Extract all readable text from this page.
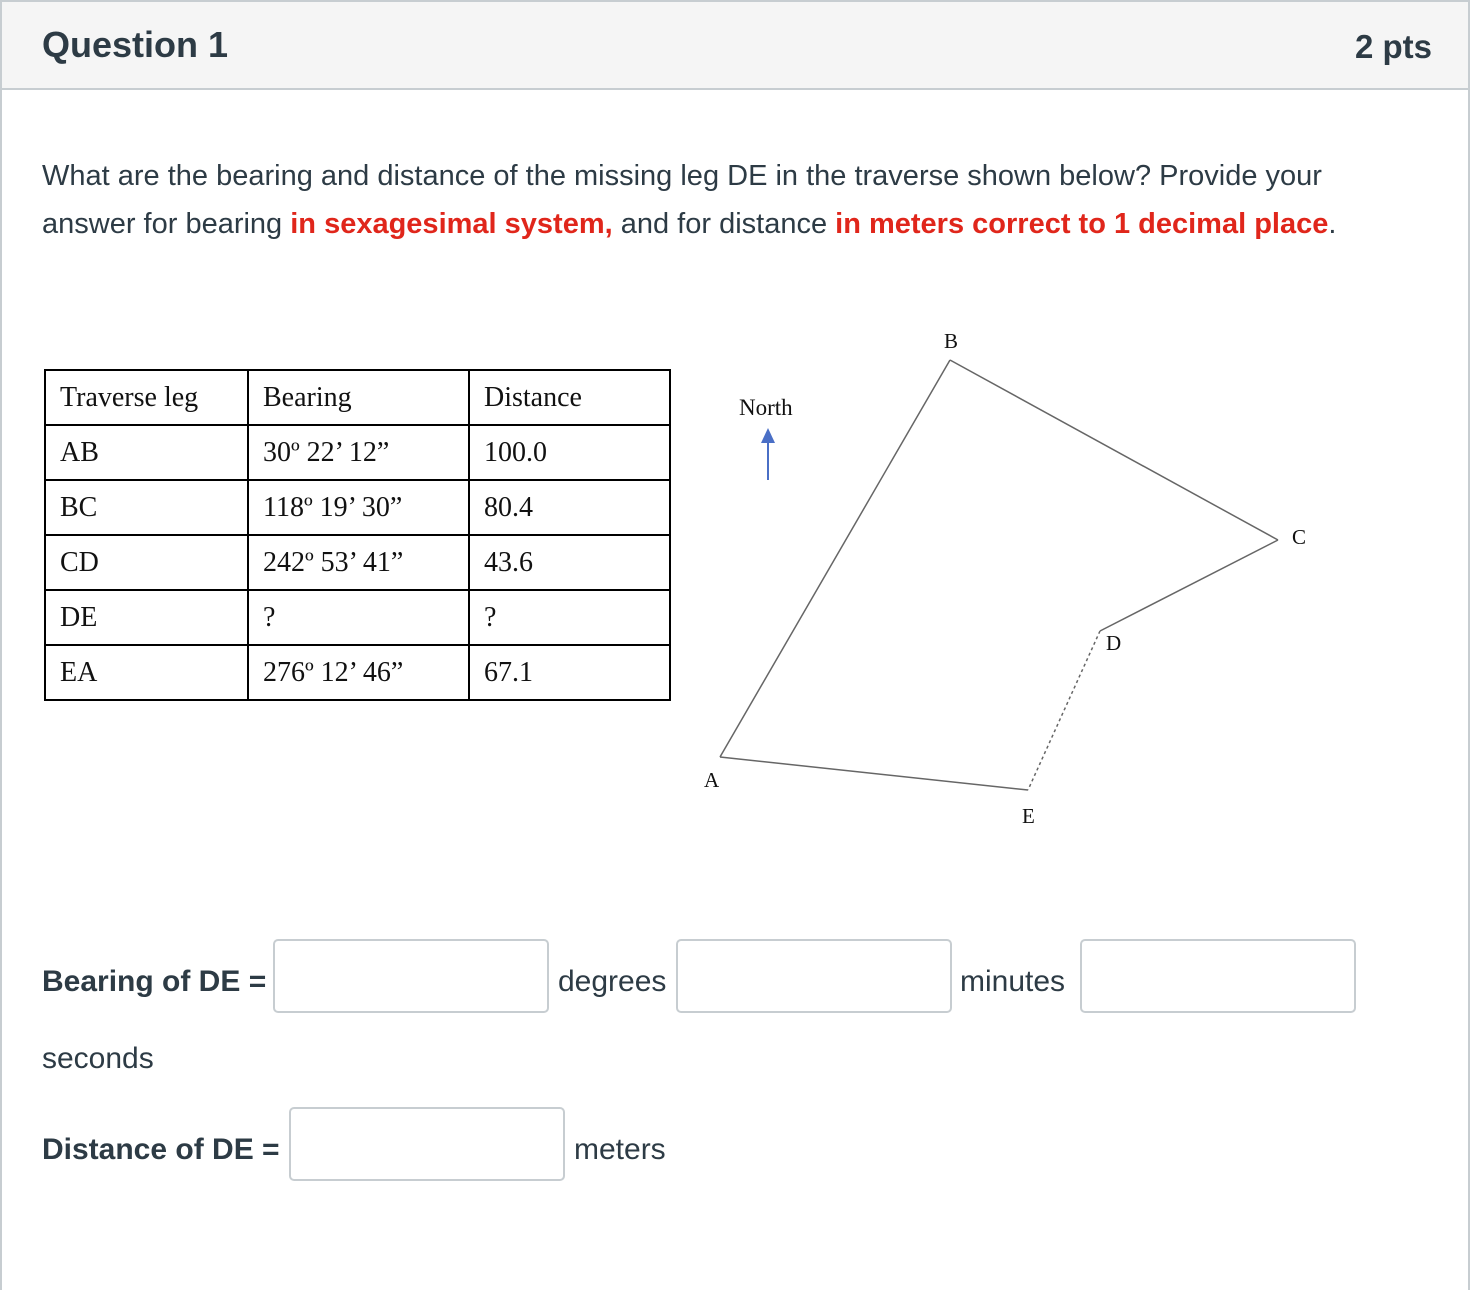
Question 1	2 pts
What are the bearing and distance of the missing leg DE in the traverse shown below? Provide your answer for bearing in sexagesimal system, and for distance in meters correct to 1 decimal place.
Traverse leg	Bearing	Distance
AB	30º 22’ 12”	100.0
BC	118º 19’ 30”	80.4
CD	242º 53’ 41”	43.6
DE	?	?
EA	276º 12’ 46”	67.1
North
B
C
D
A
E
Bearing of DE =	degrees	minutes
seconds
Distance of DE =	meters
